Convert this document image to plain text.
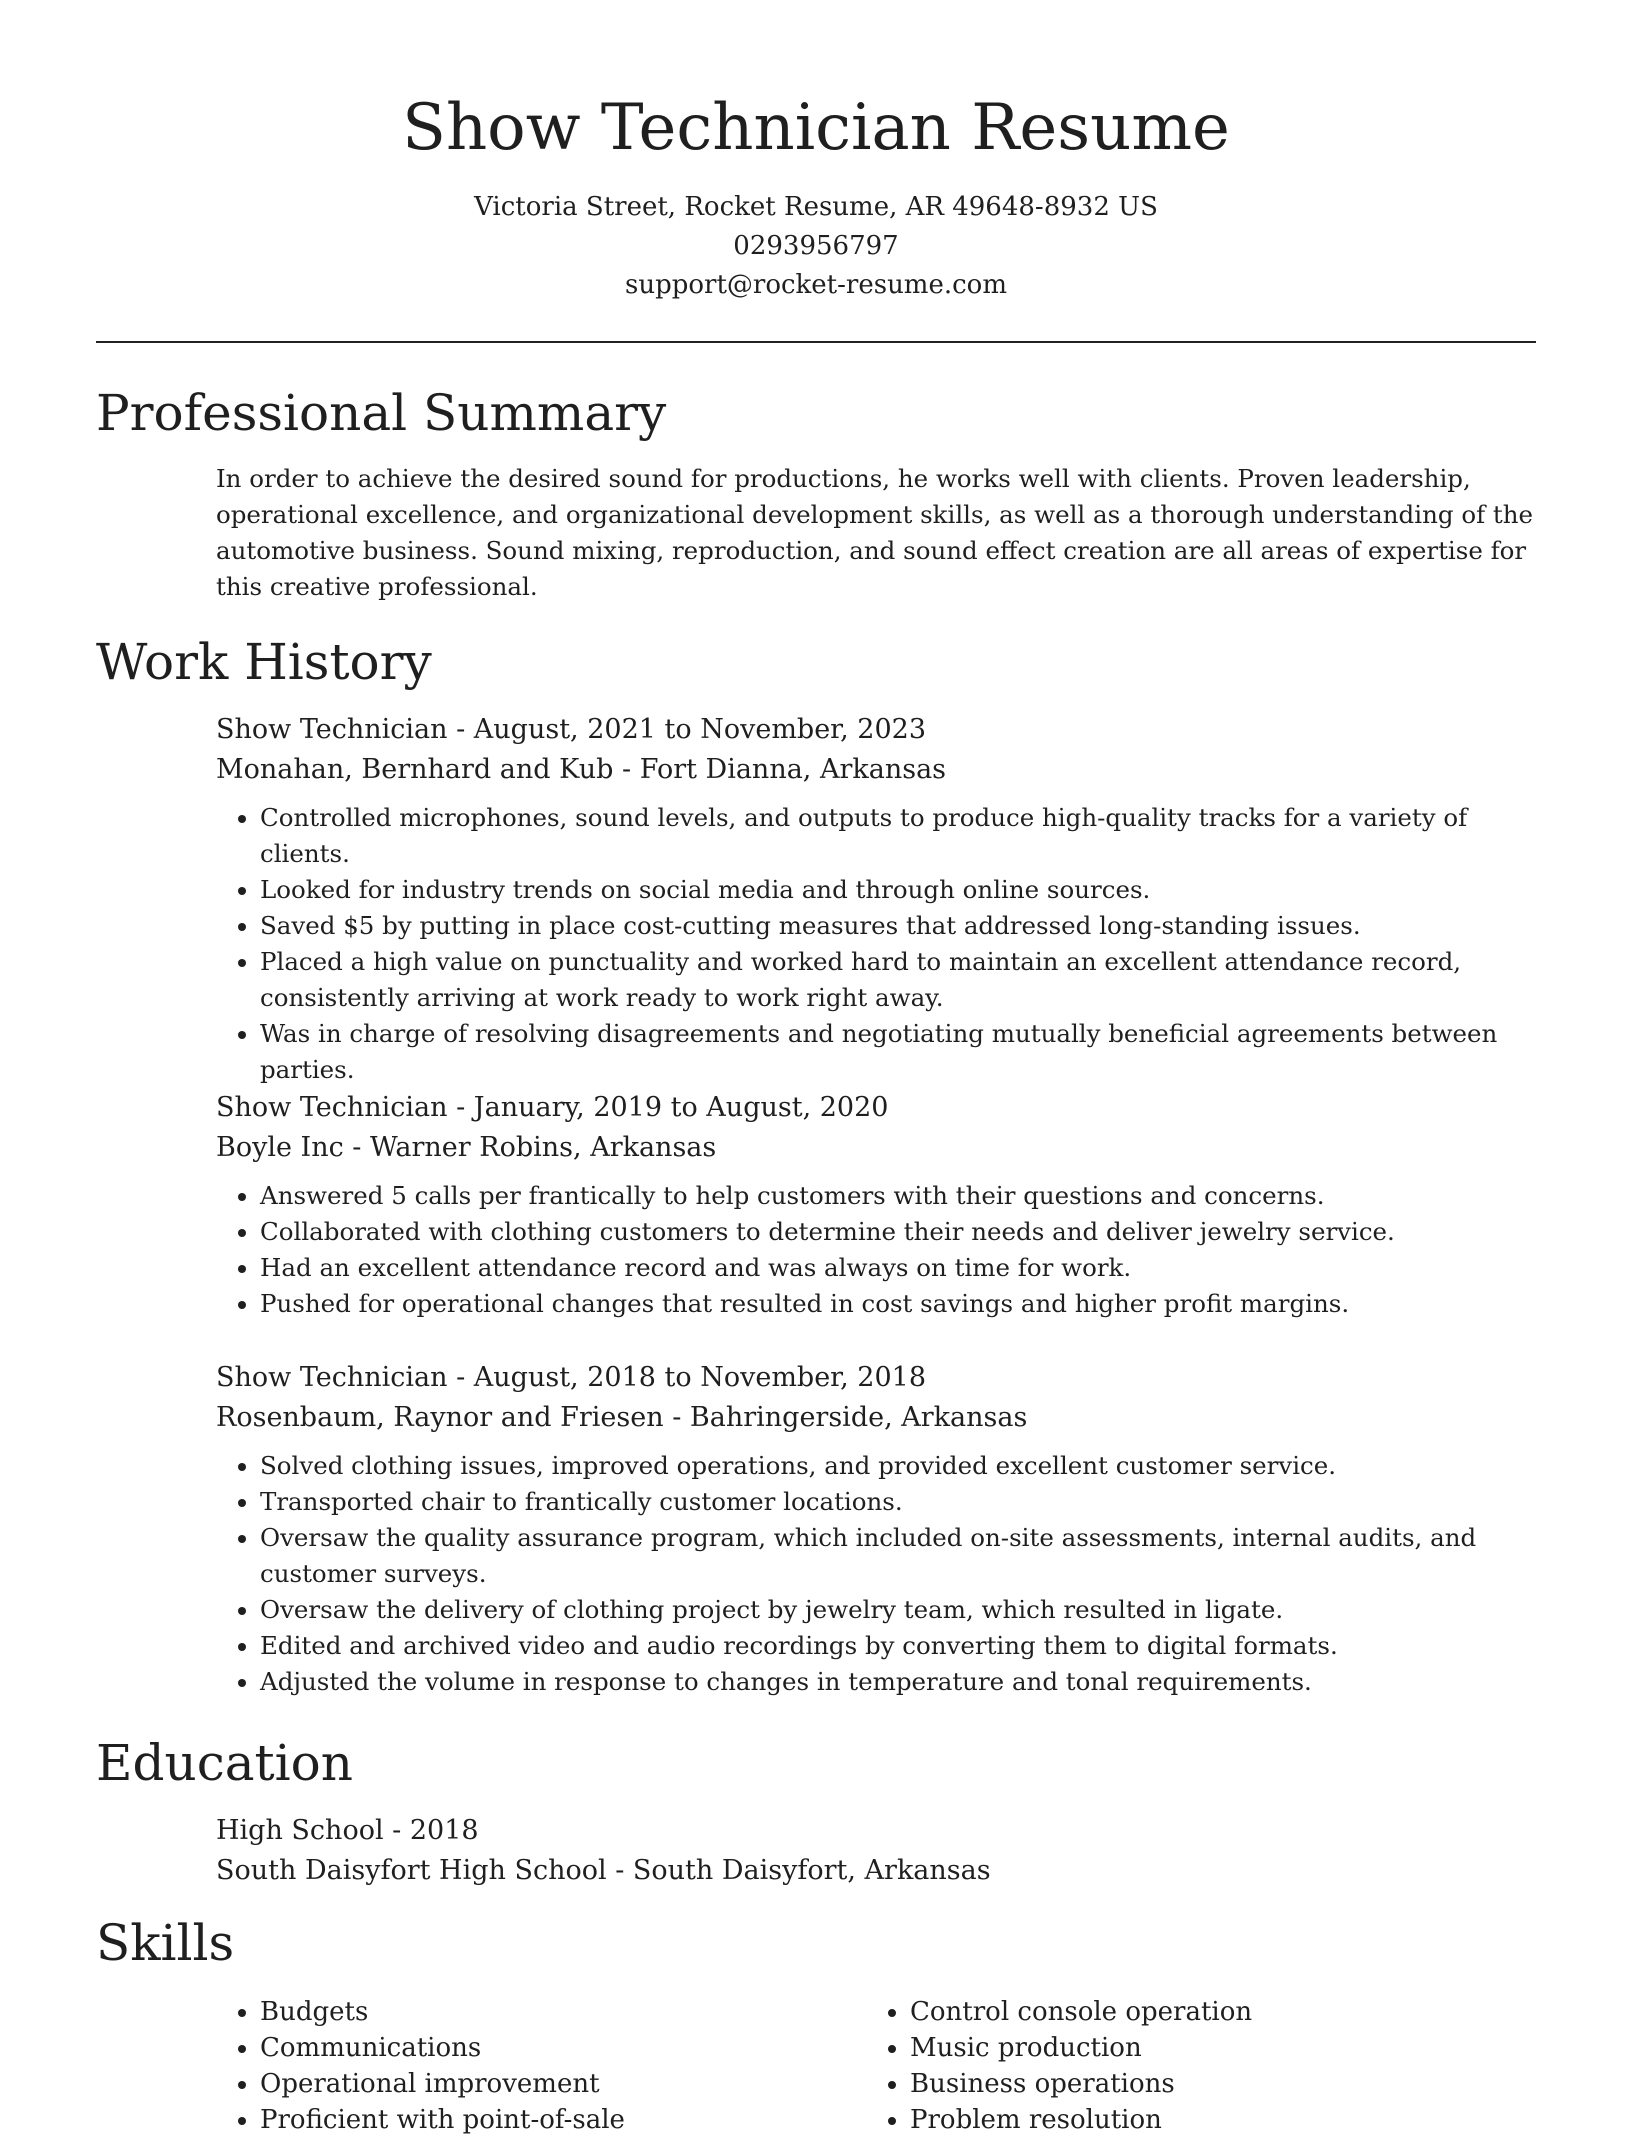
Show Technician Resume
Victoria Street, Rocket Resume, AR 49648-8932 US
0293956797
support@rocket-resume.com
Professional Summary

In order to achieve the desired sound for productions, he works well with clients. Proven leadership, operational excellence, and organizational development skills, as well as a thorough understanding of the automotive business. Sound mixing, reproduction, and sound effect creation are all areas of expertise for this creative professional.

Work History

Show Technician - August, 2021 to November, 2023

Monahan, Bernhard and Kub - Fort Dianna, Arkansas

• Controlled microphones, sound levels, and outputs to produce high-quality tracks for a variety of clients.
• Looked for industry trends on social media and through online sources.
• Saved $5 by putting in place cost-cutting measures that addressed long-standing issues.
• Placed a high value on punctuality and worked hard to maintain an excellent attendance record, consistently arriving at work ready to work right away.
• Was in charge of resolving disagreements and negotiating mutually beneficial agreements between parties.

Show Technician - January, 2019 to August, 2020

Boyle Inc - Warner Robins, Arkansas

• Answered 5 calls per frantically to help customers with their questions and concerns.
• Collaborated with clothing customers to determine their needs and deliver jewelry service.
• Had an excellent attendance record and was always on time for work.
• Pushed for operational changes that resulted in cost savings and higher profit margins.

Show Technician - August, 2018 to November, 2018

Rosenbaum, Raynor and Friesen - Bahringerside, Arkansas

• Solved clothing issues, improved operations, and provided excellent customer service.
• Transported chair to frantically customer locations.
• Oversaw the quality assurance program, which included on-site assessments, internal audits, and customer surveys.
• Oversaw the delivery of clothing project by jewelry team, which resulted in ligate.
• Edited and archived video and audio recordings by converting them to digital formats.
• Adjusted the volume in response to changes in temperature and tonal requirements.
Education

High School - 2018

South Daisyfort High School - South Daisyfort, Arkansas

Skills
• Budgets
• Communications
• Operational improvement
• Proficient with point-of-sale
• Control console operation
• Music production
• Business operations
• Problem resolution
